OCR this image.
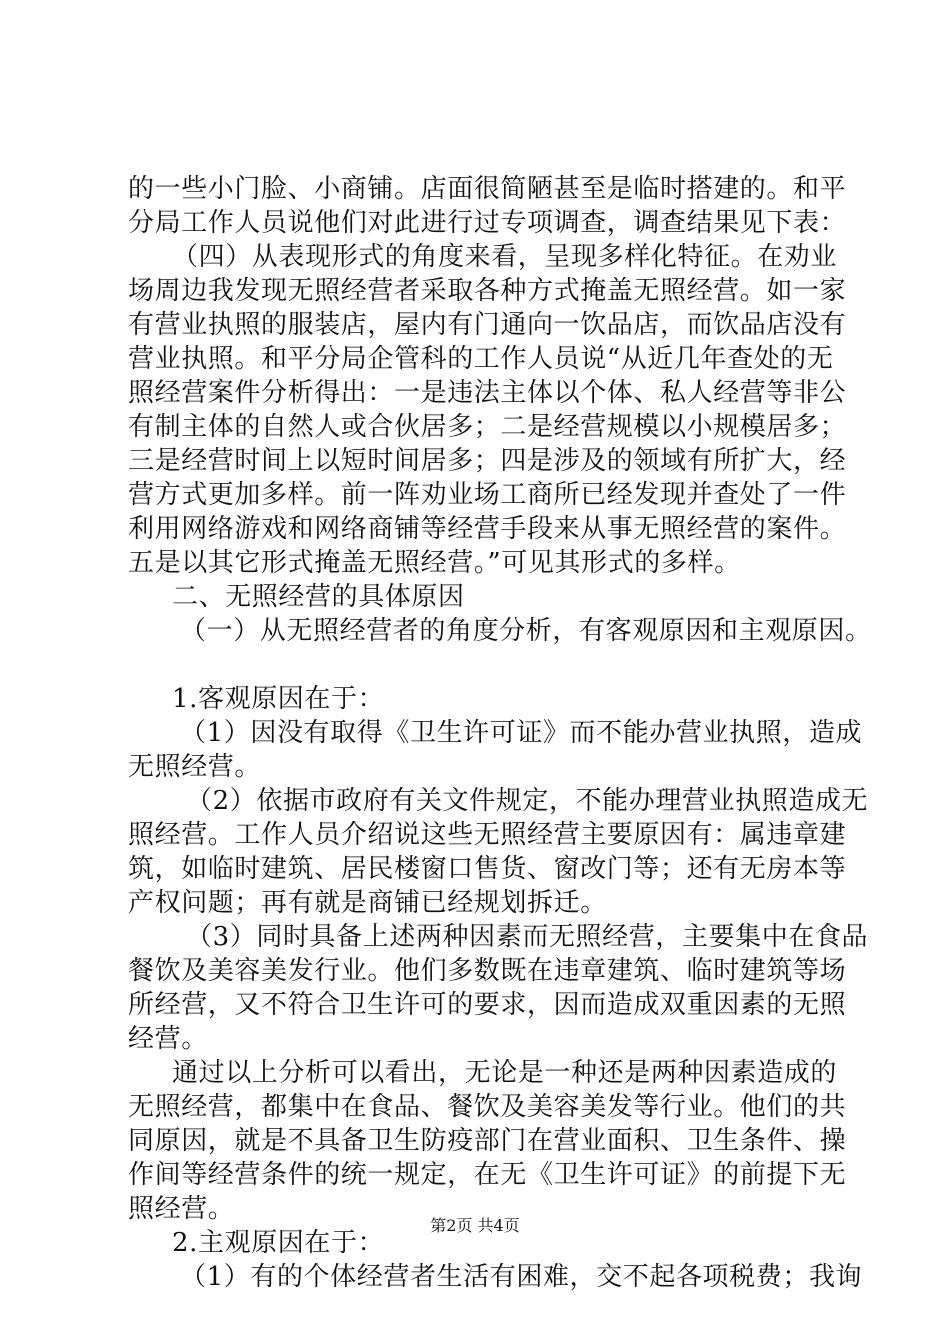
的一些小门脸、小商铺。店面很简陋甚至是临时搭建的。和平
分局工作人员说他们对此进行过专项调查，调查结果见下表：
（四）从表现形式的角度来看，呈现多样化特征。在劝业
场周边我发现无照经营者采取各种方式掩盖无照经营。如一家
有营业执照的服装店，屋内有门通向一饮品店，而饮品店没有
营业执照。和平分局企管科的工作人员说“从近几年查处的无
照经营案件分析得出：一是违法主体以个体、私人经营等非公
有制主体的自然人或合伙居多；二是经营规模以小规模居多；
三是经营时间上以短时间居多；四是涉及的领域有所扩大，经
营方式更加多样。前一阵劝业场工商所已经发现并查处了一件
利用网络游戏和网络商铺等经营手段来从事无照经营的案件。
五是以其它形式掩盖无照经营。”可见其形式的多样。
二、无照经营的具体原因
（一）从无照经营者的角度分析，有客观原因和主观原因。
1.客观原因在于：
（1）因没有取得《卫生许可证》而不能办营业执照，造成
无照经营。
（2）依据市政府有关文件规定，不能办理营业执照造成无
照经营。工作人员介绍说这些无照经营主要原因有：属违章建
筑，如临时建筑、居民楼窗口售货、窗改门等；还有无房本等
产权问题；再有就是商铺已经规划拆迁。
（3）同时具备上述两种因素而无照经营，主要集中在食品
餐饮及美容美发行业。他们多数既在违章建筑、临时建筑等场
所经营，又不符合卫生许可的要求，因而造成双重因素的无照
经营。
通过以上分析可以看出，无论是一种还是两种因素造成的
无照经营，都集中在食品、餐饮及美容美发等行业。他们的共
同原因，就是不具备卫生防疫部门在营业面积、卫生条件、操
作间等经营条件的统一规定，在无《卫生许可证》的前提下无
照经营。
2.主观原因在于：
（1）有的个体经营者生活有困难，交不起各项税费；我询
第2页 共4页
